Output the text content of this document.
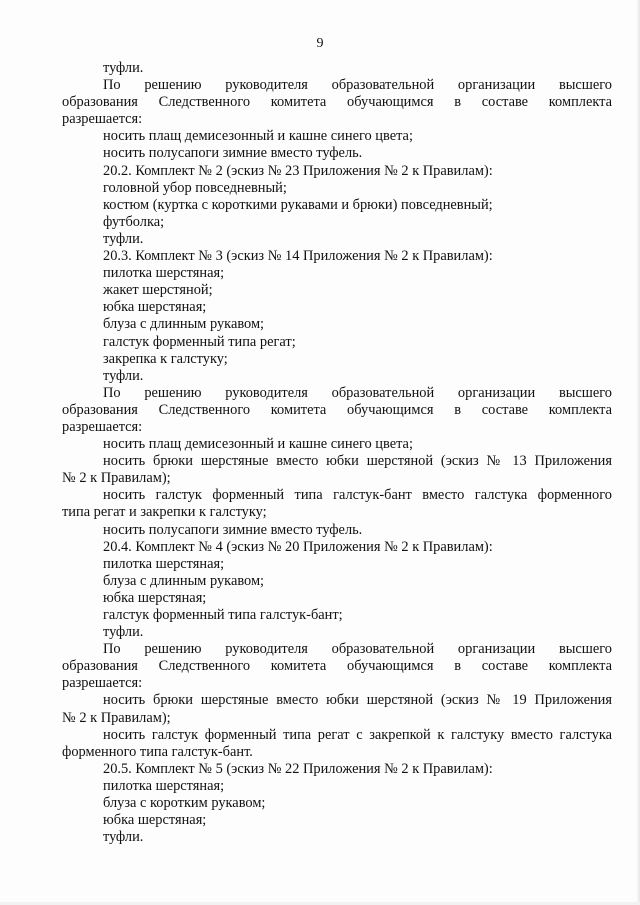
9
туфли.
По решению руководителя образовательной организации высшего
образования Следственного комитета обучающимся в составе комплекта
разрешается:
носить плащ демисезонный и кашне синего цвета;
носить полусапоги зимние вместо туфель.
20.2. Комплект № 2 (эскиз № 23 Приложения № 2 к Правилам):
головной убор повседневный;
костюм (куртка с короткими рукавами и брюки) повседневный;
футболка;
туфли.
20.3. Комплект № 3 (эскиз № 14 Приложения № 2 к Правилам):
пилотка шерстяная;
жакет шерстяной;
юбка шерстяная;
блуза с длинным рукавом;
галстук форменный типа регат;
закрепка к галстуку;
туфли.
По решению руководителя образовательной организации высшего
образования Следственного комитета обучающимся в составе комплекта
разрешается:
носить плащ демисезонный и кашне синего цвета;
носить брюки шерстяные вместо юбки шерстяной (эскиз № 13 Приложения
№ 2 к Правилам);
носить галстук форменный типа галстук-бант вместо галстука форменного
типа регат и закрепки к галстуку;
носить полусапоги зимние вместо туфель.
20.4. Комплект № 4 (эскиз № 20 Приложения № 2 к Правилам):
пилотка шерстяная;
блуза с длинным рукавом;
юбка шерстяная;
галстук форменный типа галстук-бант;
туфли.
По решению руководителя образовательной организации высшего
образования Следственного комитета обучающимся в составе комплекта
разрешается:
носить брюки шерстяные вместо юбки шерстяной (эскиз № 19 Приложения
№ 2 к Правилам);
носить галстук форменный типа регат с закрепкой к галстуку вместо галстука
форменного типа галстук-бант.
20.5. Комплект № 5 (эскиз № 22 Приложения № 2 к Правилам):
пилотка шерстяная;
блуза с коротким рукавом;
юбка шерстяная;
туфли.
